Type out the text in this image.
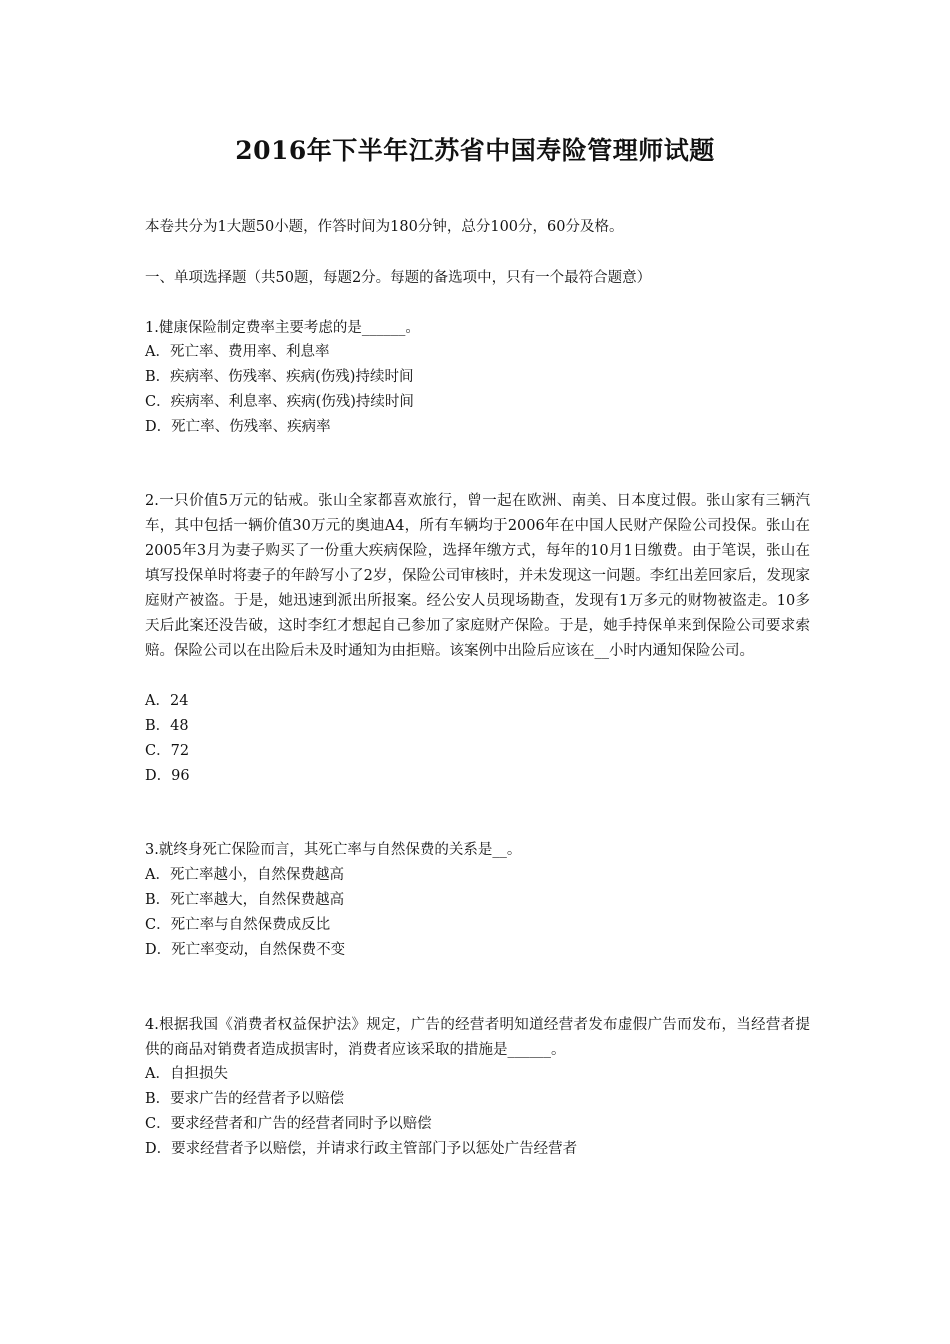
2016年下半年江苏省中国寿险管理师试题
本卷共分为1大题50小题，作答时间为180分钟，总分100分，60分及格。
一、单项选择题（共50题，每题2分。每题的备选项中，只有一个最符合题意）
1.健康保险制定费率主要考虑的是______。
A．死亡率、费用率、利息率
B．疾病率、伤残率、疾病(伤残)持续时间
C．疾病率、利息率、疾病(伤残)持续时间
D．死亡率、伤残率、疾病率
2.一只价值5万元的钻戒。张山全家都喜欢旅行，曾一起在欧洲、南美、日本度过假。张山家有三辆汽车，其中包括一辆价值30万元的奥迪A4，所有车辆均于2006年在中国人民财产保险公司投保。张山在2005年3月为妻子购买了一份重大疾病保险，选择年缴方式，每年的10月1日缴费。由于笔误，张山在填写投保单时将妻子的年龄写小了2岁，保险公司审核时，并未发现这一问题。李红出差回家后，发现家庭财产被盗。于是，她迅速到派出所报案。经公安人员现场勘查，发现有1万多元的财物被盗走。10多天后此案还没告破，这时李红才想起自己参加了家庭财产保险。于是，她手持保单来到保险公司要求索赔。保险公司以在出险后未及时通知为由拒赔。该案例中出险后应该在__小时内通知保险公司。
A．24
B．48
C．72
D．96
3.就终身死亡保险而言，其死亡率与自然保费的关系是__。
A．死亡率越小，自然保费越高
B．死亡率越大，自然保费越高
C．死亡率与自然保费成反比
D．死亡率变动，自然保费不变
4.根据我国《消费者权益保护法》规定，广告的经营者明知道经营者发布虚假广告而发布，当经营者提供的商品对销费者造成损害时，消费者应该采取的措施是______。
A．自担损失
B．要求广告的经营者予以赔偿
C．要求经营者和广告的经营者同时予以赔偿
D．要求经营者予以赔偿，并请求行政主管部门予以惩处广告经营者
